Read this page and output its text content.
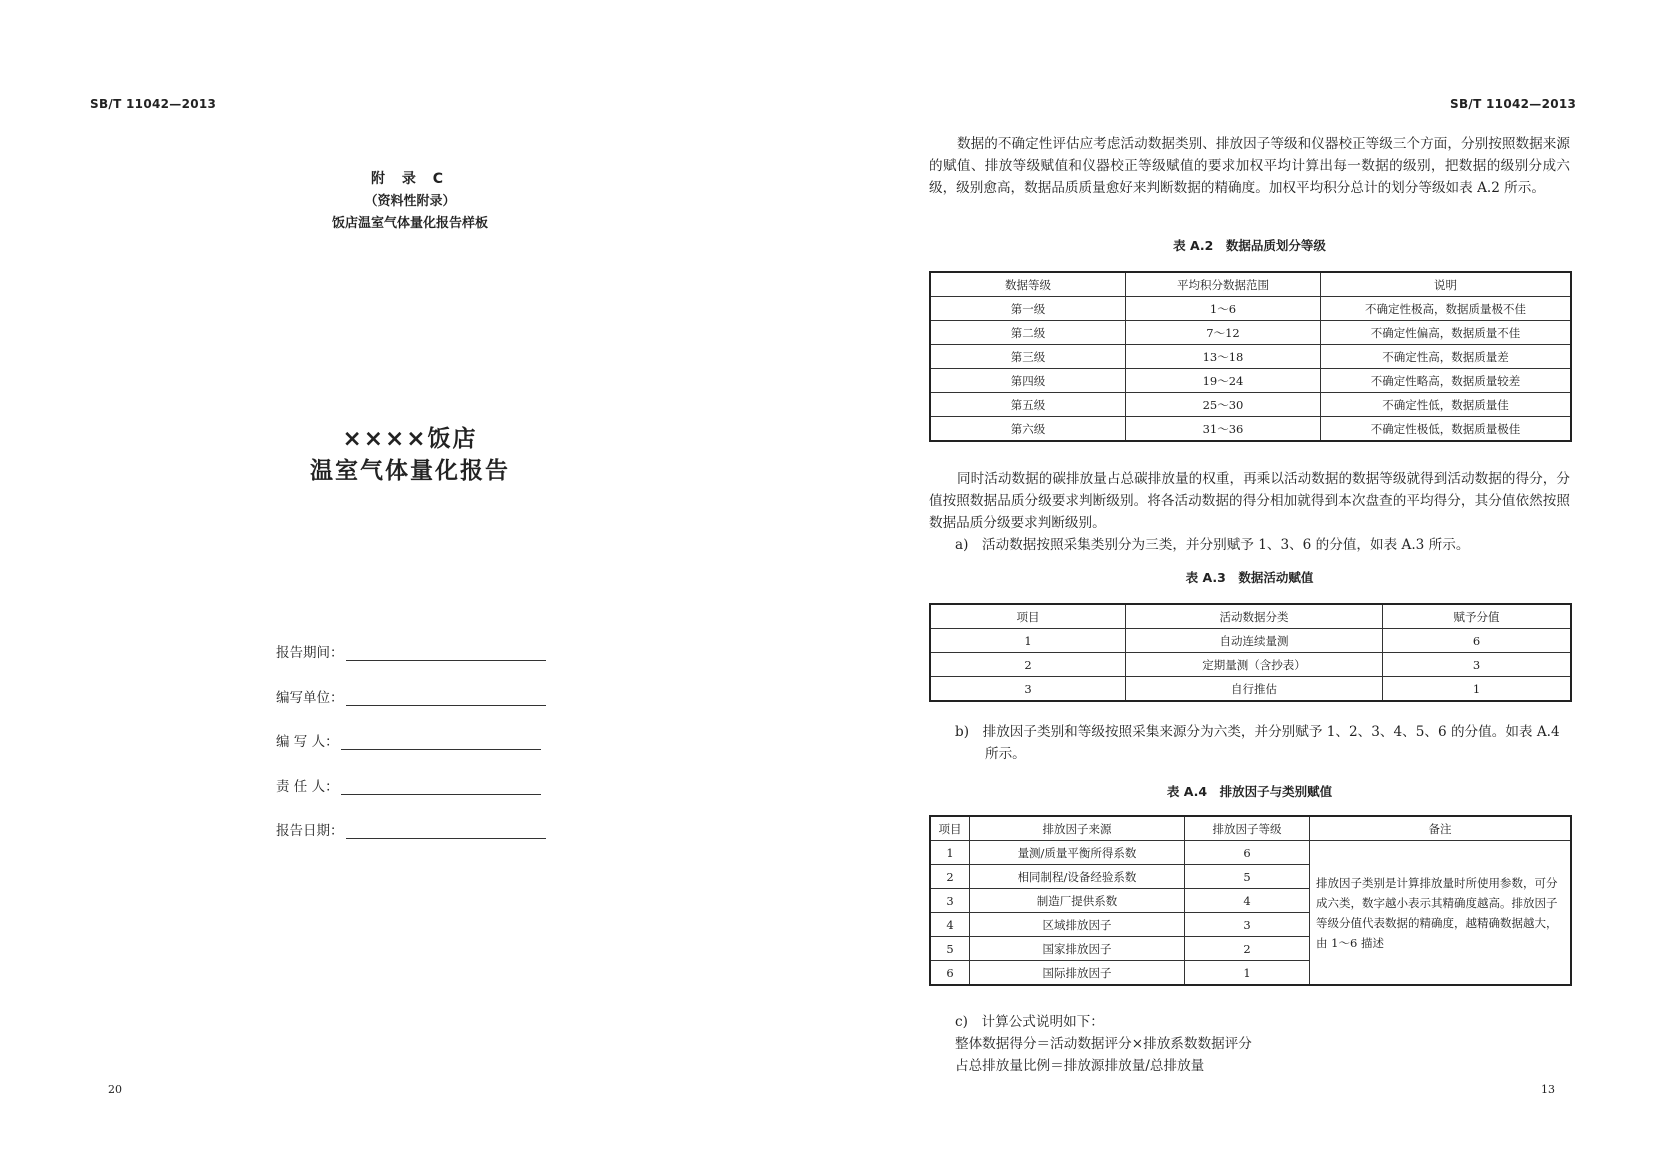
SB/T 11042—2013
附 录 C
（资料性附录）
饭店温室气体量化报告样板
××××饭店
温室气体量化报告
报告期间：
编写单位：
编 写 人：
责 任 人：
报告日期：
20
SB/T 11042—2013
数据的不确定性评估应考虑活动数据类别、排放因子等级和仪器校正等级三个方面，分别按照数据来源的赋值、排放等级赋值和仪器校正等级赋值的要求加权平均计算出每一数据的级别，把数据的级别分成六级，级别愈高，数据品质质量愈好来判断数据的精确度。加权平均积分总计的划分等级如表 A.2 所示。
表 A.2　数据品质划分等级
数据等级	平均积分数据范围	说明
第一级	1～6	不确定性极高，数据质量极不佳
第二级	7～12	不确定性偏高，数据质量不佳
第三级	13～18	不确定性高，数据质量差
第四级	19～24	不确定性略高，数据质量较差
第五级	25～30	不确定性低，数据质量佳
第六级	31～36	不确定性极低，数据质量极佳
同时活动数据的碳排放量占总碳排放量的权重，再乘以活动数据的数据等级就得到活动数据的得分，分值按照数据品质分级要求判断级别。将各活动数据的得分相加就得到本次盘查的平均得分，其分值依然按照数据品质分级要求判断级别。
a)　活动数据按照采集类别分为三类，并分别赋予 1、3、6 的分值，如表 A.3 所示。
表 A.3　数据活动赋值
项目	活动数据分类	赋予分值
1	自动连续量测	6
2	定期量测（含抄表）	3
3	自行推估	1
b)　排放因子类别和等级按照采集来源分为六类，并分别赋予 1、2、3、4、5、6 的分值。如表 A.4
所示。
表 A.4　排放因子与类别赋值
项目	排放因子来源	排放因子等级	备注
1	量测/质量平衡所得系数	6	排放因子类别是计算排放量时所使用参数，可分成六类，数字越小表示其精确度越高。排放因子等级分值代表数据的精确度，越精确数据越大，由 1～6 描述
2	相同制程/设备经验系数	5	
3	制造厂提供系数	4	
4	区域排放因子	3	
5	国家排放因子	2	
6	国际排放因子	1	
c)　计算公式说明如下：
整体数据得分＝活动数据评分×排放系数数据评分
占总排放量比例＝排放源排放量/总排放量
13
